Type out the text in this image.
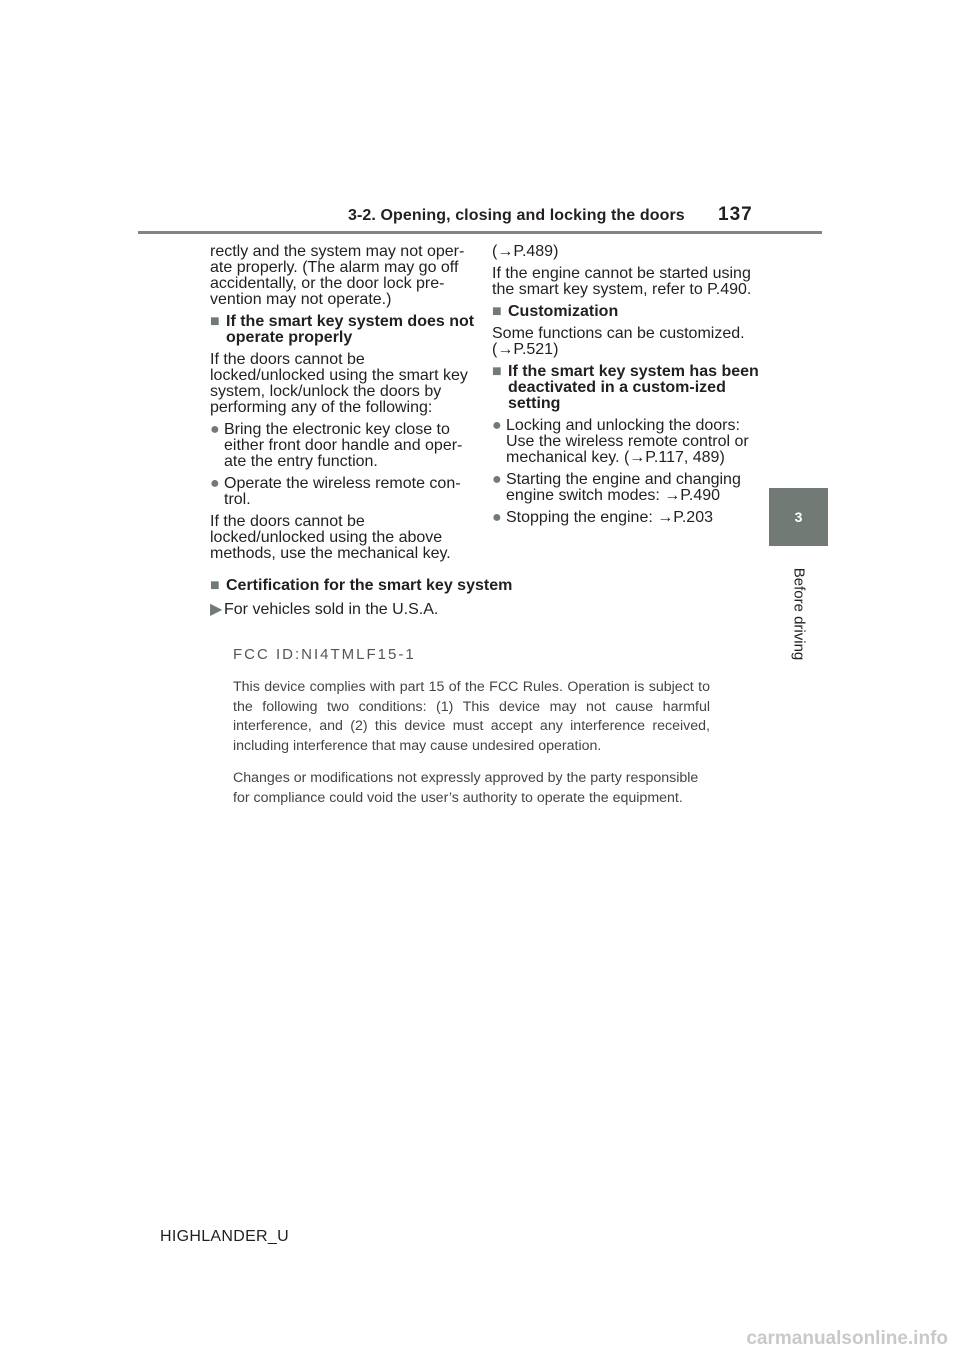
3-2. Opening, closing and locking the doors 137
3
Before driving

rectly and the system may not oper-ate properly. (The alarm may go off accidentally, or the door lock pre-vention may not operate.)

■ If the smart key system does not operate properly

If the doors cannot be locked/unlocked using the smart key system, lock/unlock the doors by performing any of the following:

● Bring the electronic key close to either front door handle and oper-ate the entry function.

● Operate the wireless remote con-trol.

If the doors cannot be locked/unlocked using the above methods, use the mechanical key.

(→P.489)

If the engine cannot be started using the smart key system, refer to P.490.

■ Customization

Some functions can be customized. (→P.521)

■ If the smart key system has been deactivated in a custom-ized setting

● Locking and unlocking the doors: Use the wireless remote control or mechanical key. (→P.117, 489)

● Starting the engine and changing engine switch modes: →P.490

● Stopping the engine: →P.203

■ Certification for the smart key system
▶ For vehicles sold in the U.S.A.
FCC ID:NI4TMLF15-1

This device complies with part 15 of the FCC Rules. Operation is subject to the following two conditions: (1) This device may not cause harmful interference, and (2) this device must accept any interference received, including interference that may cause undesired operation.

Changes or modifications not expressly approved by the party responsible for compliance could void the user’s authority to operate the equipment.

HIGHLANDER_U
carmanualsonline.info
